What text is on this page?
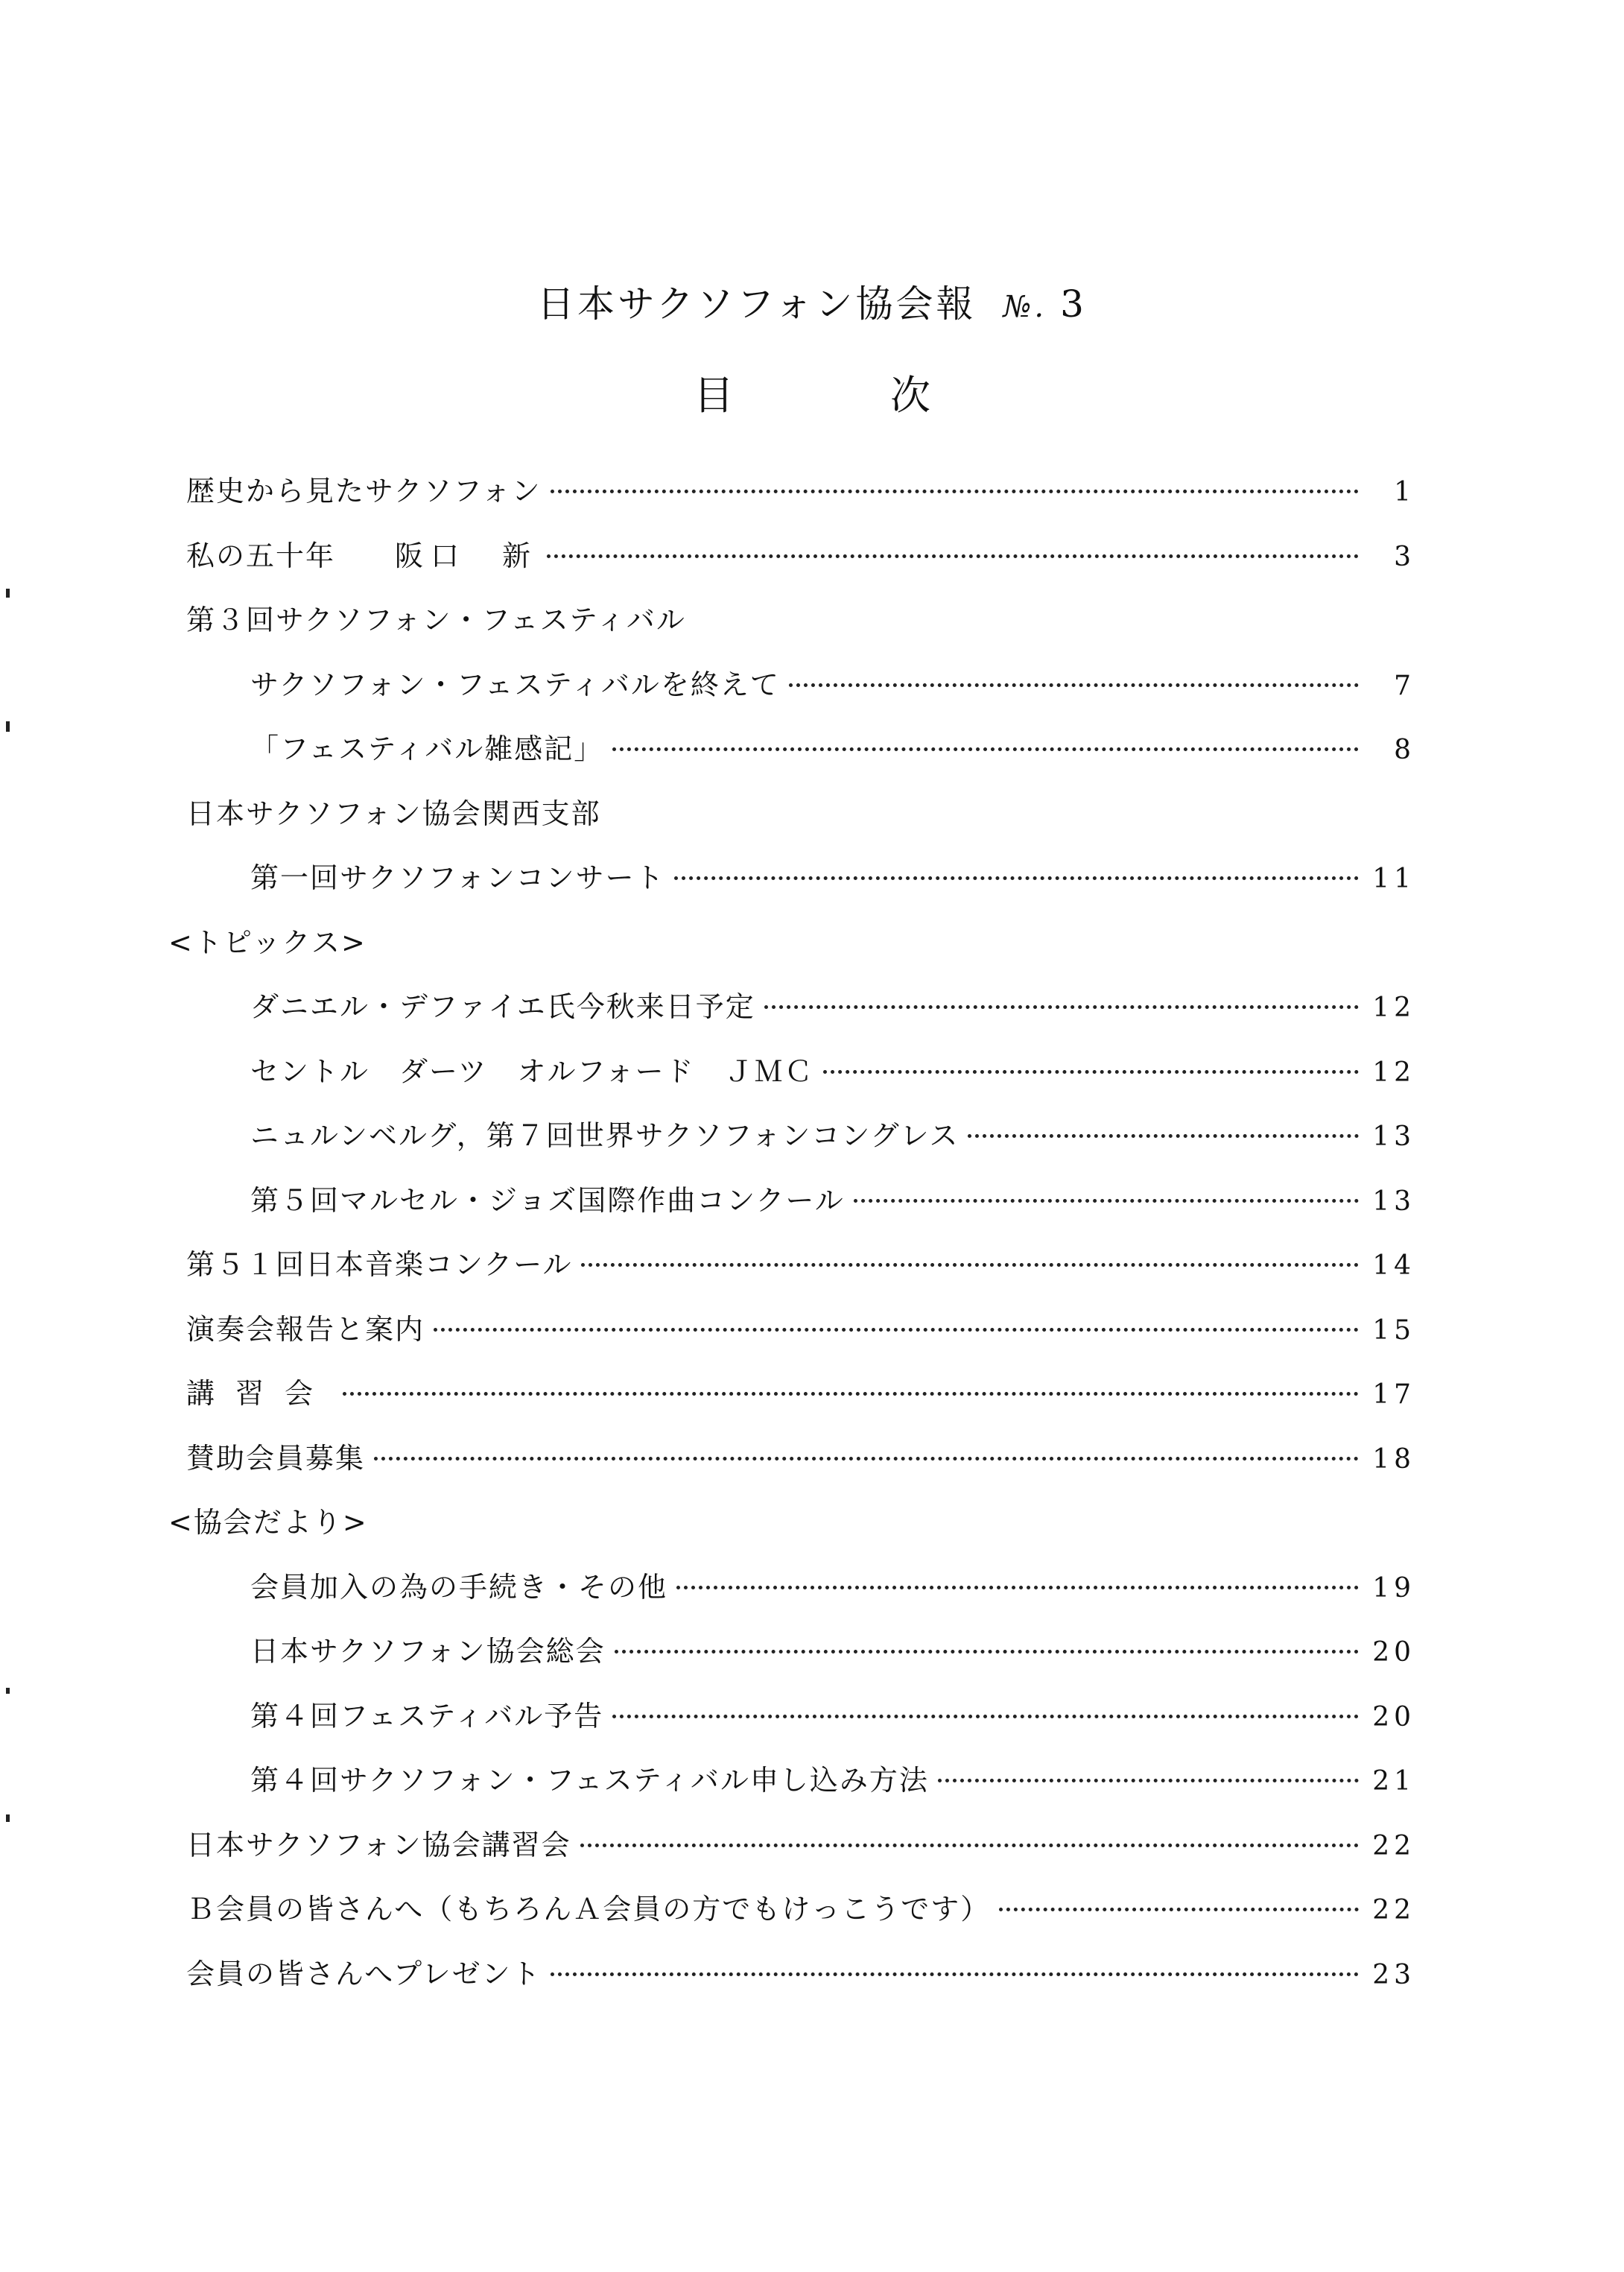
日本サクソフォン協会報 №. 3
目	次
歴史から見たサクソフォン	1
私の五十年 阪口　新	3
第３回サクソフォン・フェスティバル
サクソフォン・フェスティバルを終えて	7
「フェスティバル雑感記」	8
日本サクソフォン協会関西支部
第一回サクソフォンコンサート	11
<トピックス>
ダニエル・デファイエ氏今秋来日予定	12
セントル　ダーツ　オルフォード　ＪＭＣ	12
ニュルンベルグ，第７回世界サクソフォンコングレス	13
第５回マルセル・ジョズ国際作曲コンクール	13
第５１回日本音楽コンクール	14
演奏会報告と案内	15
講習会	17
賛助会員募集	18
<協会だより>
会員加入の為の手続き・その他	19
日本サクソフォン協会総会	20
第４回フェスティバル予告	20
第４回サクソフォン・フェスティバル申し込み方法	21
日本サクソフォン協会講習会	22
Ｂ会員の皆さんへ（もちろんＡ会員の方でもけっこうです）	22
会員の皆さんへプレゼント	23
